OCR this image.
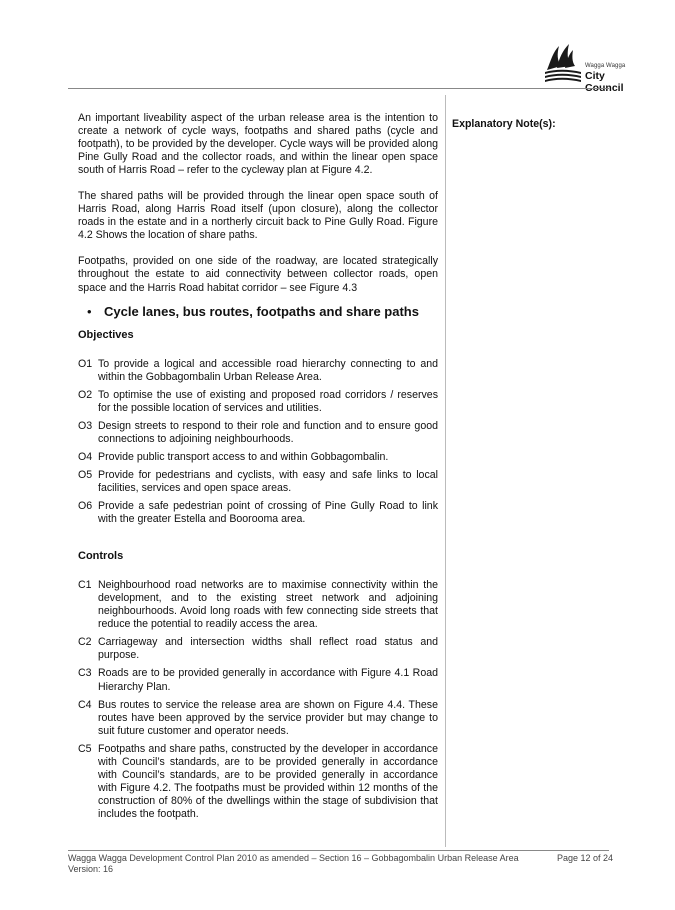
Wagga Wagga
City Council
Explanatory Note(s):

An important liveability aspect of the urban release area is the intention to create a network of cycle ways, footpaths and shared paths (cycle and footpath), to be provided by the developer. Cycle ways will be provided along Pine Gully Road and the collector roads, and within the linear open space south of Harris Road – refer to the cycleway plan at Figure 4.2.

The shared paths will be provided through the linear open space south of Harris Road, along Harris Road itself (upon closure), along the collector roads in the estate and in a northerly circuit back to Pine Gully Road. Figure 4.2 Shows the location of share paths.

Footpaths, provided on one side of the roadway, are located strategically throughout the estate to aid connectivity between collector roads, open space and the Harris Road habitat corridor – see Figure 4.3

• Cycle lanes, bus routes, footpaths and share paths
Objectives
O1 To provide a logical and accessible road hierarchy connecting to and within the Gobbagombalin Urban Release Area.
O2 To optimise the use of existing and proposed road corridors / reserves for the possible location of services and utilities.
O3 Design streets to respond to their role and function and to ensure good connections to adjoining neighbourhoods.
O4 Provide public transport access to and within Gobbagombalin.
O5 Provide for pedestrians and cyclists, with easy and safe links to local facilities, services and open space areas.
O6 Provide a safe pedestrian point of crossing of Pine Gully Road to link with the greater Estella and Boorooma area.
Controls
C1 Neighbourhood road networks are to maximise connectivity within the development, and to the existing street network and adjoining neighbourhoods. Avoid long roads with few connecting side streets that reduce the potential to readily access the area.
C2 Carriageway and intersection widths shall reflect road status and purpose.
C3 Roads are to be provided generally in accordance with Figure 4.1 Road Hierarchy Plan.
C4 Bus routes to service the release area are shown on Figure 4.4. These routes have been approved by the service provider but may change to suit future customer and operator needs.
C5 Footpaths and share paths, constructed by the developer in accordance with Council’s standards, are to be provided generally in accordance with Council’s standards, are to be provided generally in accordance with Figure 4.2. The footpaths must be provided within 12 months of the construction of 80% of the dwellings within the stage of subdivision that includes the footpath.
Wagga Wagga Development Control Plan 2010 as amended – Section 16 – Gobbagombalin Urban Release Area
Version: 16
Page 12 of 24
